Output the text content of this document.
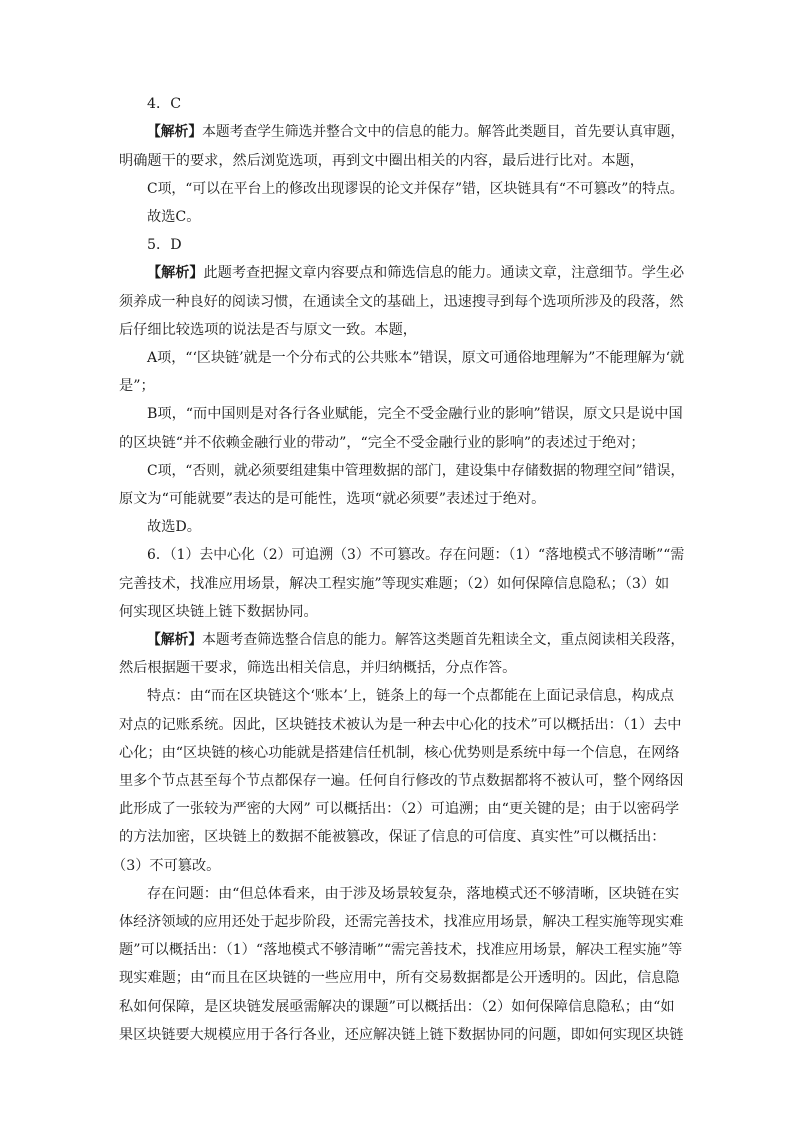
4．C
【解析】本题考查学生筛选并整合文中的信息的能力。解答此类题目，首先要认真审题，
明确题干的要求，然后浏览选项，再到文中圈出相关的内容，最后进行比对。本题，
C项，“可以在平台上的修改出现谬误的论文并保存”错，区块链具有“不可篡改”的特点。
故选C。
5．D
【解析】此题考查把握文章内容要点和筛选信息的能力。通读文章，注意细节。学生必
须养成一种良好的阅读习惯，在通读全文的基础上，迅速搜寻到每个选项所涉及的段落，然
后仔细比较选项的说法是否与原文一致。本题，
A项，“‘区块链’就是一个分布式的公共账本”错误，原文可通俗地理解为”不能理解为‘就
是”；
B项，“而中国则是对各行各业赋能，完全不受金融行业的影响”错误，原文只是说中国
的区块链“并不依赖金融行业的带动”，“完全不受金融行业的影响”的表述过于绝对；
C项，“否则，就必须要组建集中管理数据的部门，建设集中存储数据的物理空间”错误，
原文为“可能就要”表达的是可能性，选项“就必须要”表述过于绝对。
故选D。
6．（1）去中心化（2）可追溯（3）不可篡改。存在问题：（1）“落地模式不够清晰”“需
完善技术，找准应用场景，解决工程实施”等现实难题；（2）如何保障信息隐私；（3）如
何实现区块链上链下数据协同。
【解析】本题考查筛选整合信息的能力。解答这类题首先粗读全文，重点阅读相关段落，
然后根据题干要求，筛选出相关信息，并归纳概括，分点作答。
特点：由“而在区块链这个‘账本’上，链条上的每一个点都能在上面记录信息，构成点
对点的记账系统。因此，区块链技术被认为是一种去中心化的技术”可以概括出：（1）去中
心化；由“区块链的核心功能就是搭建信任机制，核心优势则是系统中每一个信息，在网络
里多个节点甚至每个节点都保存一遍。任何自行修改的节点数据都将不被认可，整个网络因
此形成了一张较为严密的大网” 可以概括出：（2）可追溯；由“更关键的是；由于以密码学
的方法加密，区块链上的数据不能被篡改，保证了信息的可信度、真实性”可以概括出：
（3）不可篡改。
存在问题：由“但总体看来，由于涉及场景较复杂，落地模式还不够清晰，区块链在实
体经济领域的应用还处于起步阶段，还需完善技术，找准应用场景，解决工程实施等现实难
题”可以概括出：（1）“落地模式不够清晰”“需完善技术，找准应用场景，解决工程实施”等
现实难题；由“而且在区块链的一些应用中，所有交易数据都是公开透明的。因此，信息隐
私如何保障，是区块链发展亟需解决的课题”可以概括出：（2）如何保障信息隐私；由“如
果区块链要大规模应用于各行各业，还应解决链上链下数据协同的问题，即如何实现区块链
